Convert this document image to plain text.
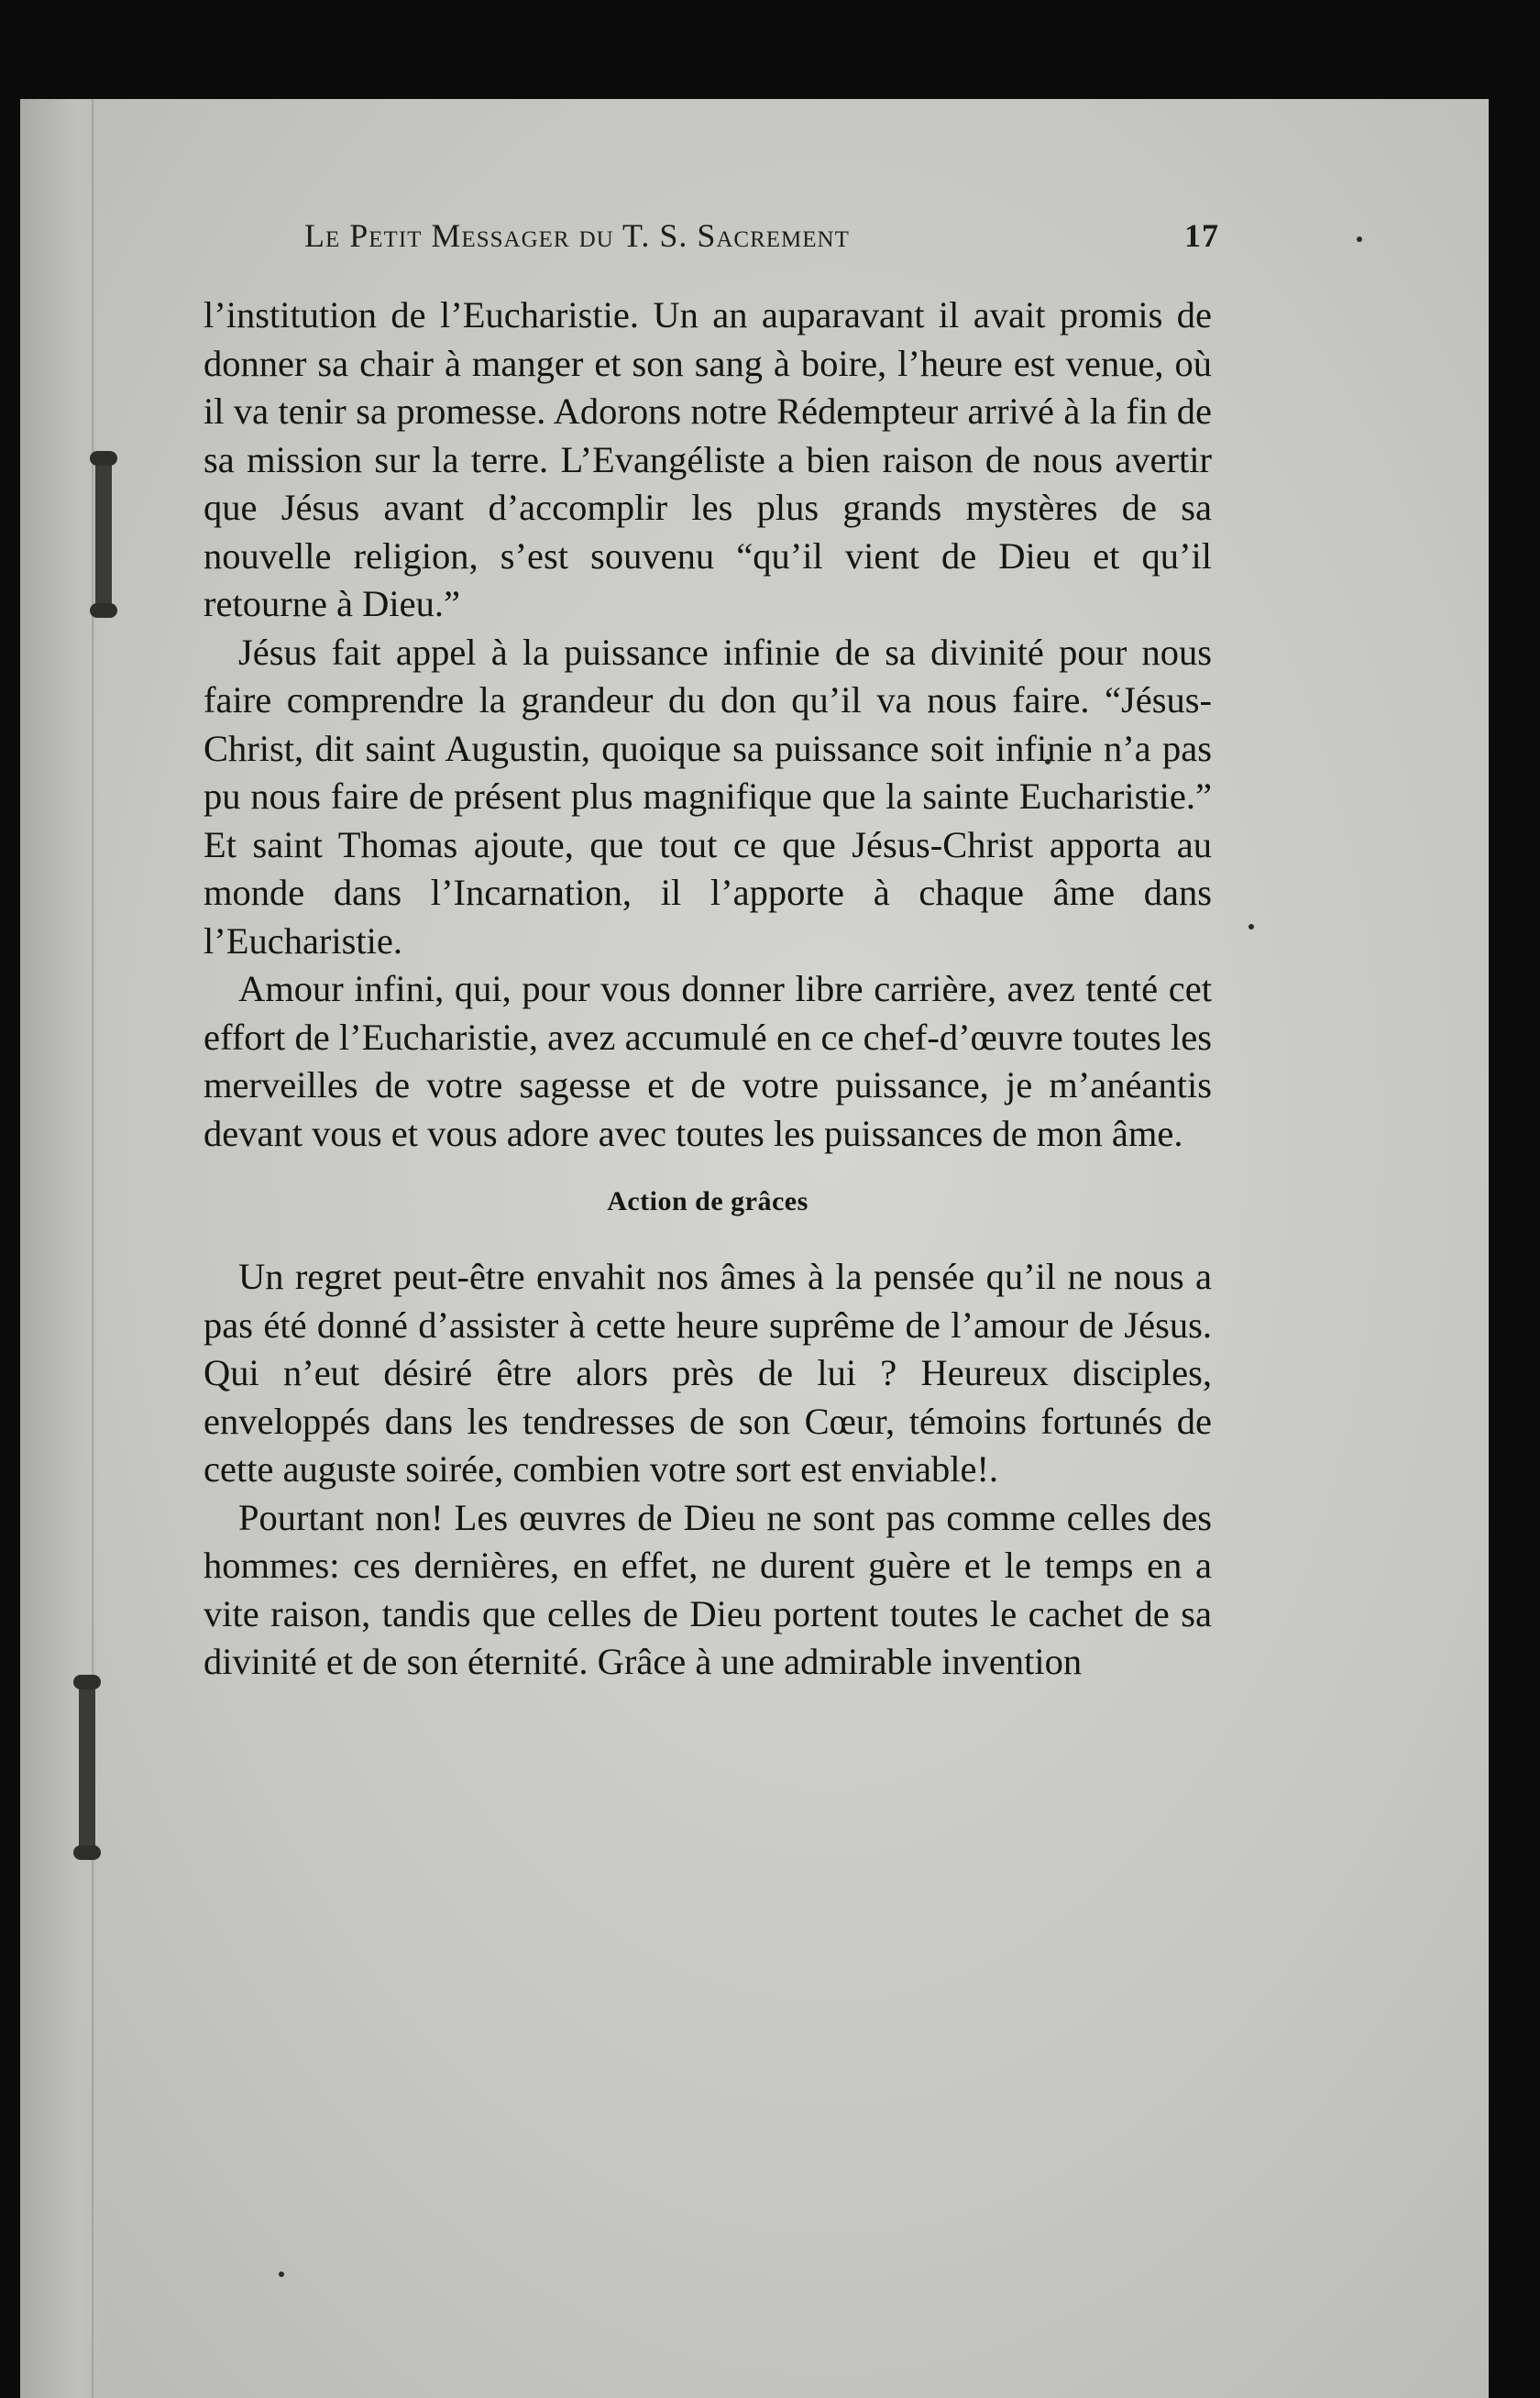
Le Petit Messager du T. S. Sacrement	17

l’institution de l’Eucharistie. Un an auparavant il avait promis de donner sa chair à manger et son sang à boire, l’heure est venue, où il va tenir sa promesse. Adorons notre Rédempteur arrivé à la fin de sa mission sur la terre. L’Evangéliste a bien raison de nous avertir que Jésus avant d’accomplir les plus grands mystères de sa nouvelle religion, s’est souvenu “qu’il vient de Dieu et qu’il retourne à Dieu.”

Jésus fait appel à la puissance infinie de sa divinité pour nous faire comprendre la grandeur du don qu’il va nous faire. “Jésus-Christ, dit saint Augustin, quoique sa puissance soit infinie n’a pas pu nous faire de présent plus magnifique que la sainte Eucharistie.” Et saint Thomas ajoute, que tout ce que Jésus-Christ apporta au monde dans l’Incarnation, il l’apporte à chaque âme dans l’Eucharistie.

Amour infini, qui, pour vous donner libre carrière, avez tenté cet effort de l’Eucharistie, avez accumulé en ce chef-d’œuvre toutes les merveilles de votre sagesse et de votre puissance, je m’anéantis devant vous et vous adore avec toutes les puissances de mon âme.

Action de grâces

Un regret peut-être envahit nos âmes à la pensée qu’il ne nous a pas été donné d’assister à cette heure suprême de l’amour de Jésus. Qui n’eut désiré être alors près de lui ? Heureux disciples, enveloppés dans les tendresses de son Cœur, témoins fortunés de cette auguste soirée, combien votre sort est enviable!.

Pourtant non! Les œuvres de Dieu ne sont pas comme celles des hommes: ces dernières, en effet, ne durent guère et le temps en a vite raison, tandis que celles de Dieu portent toutes le cachet de sa divinité et de son éternité. Grâce à une admirable invention
